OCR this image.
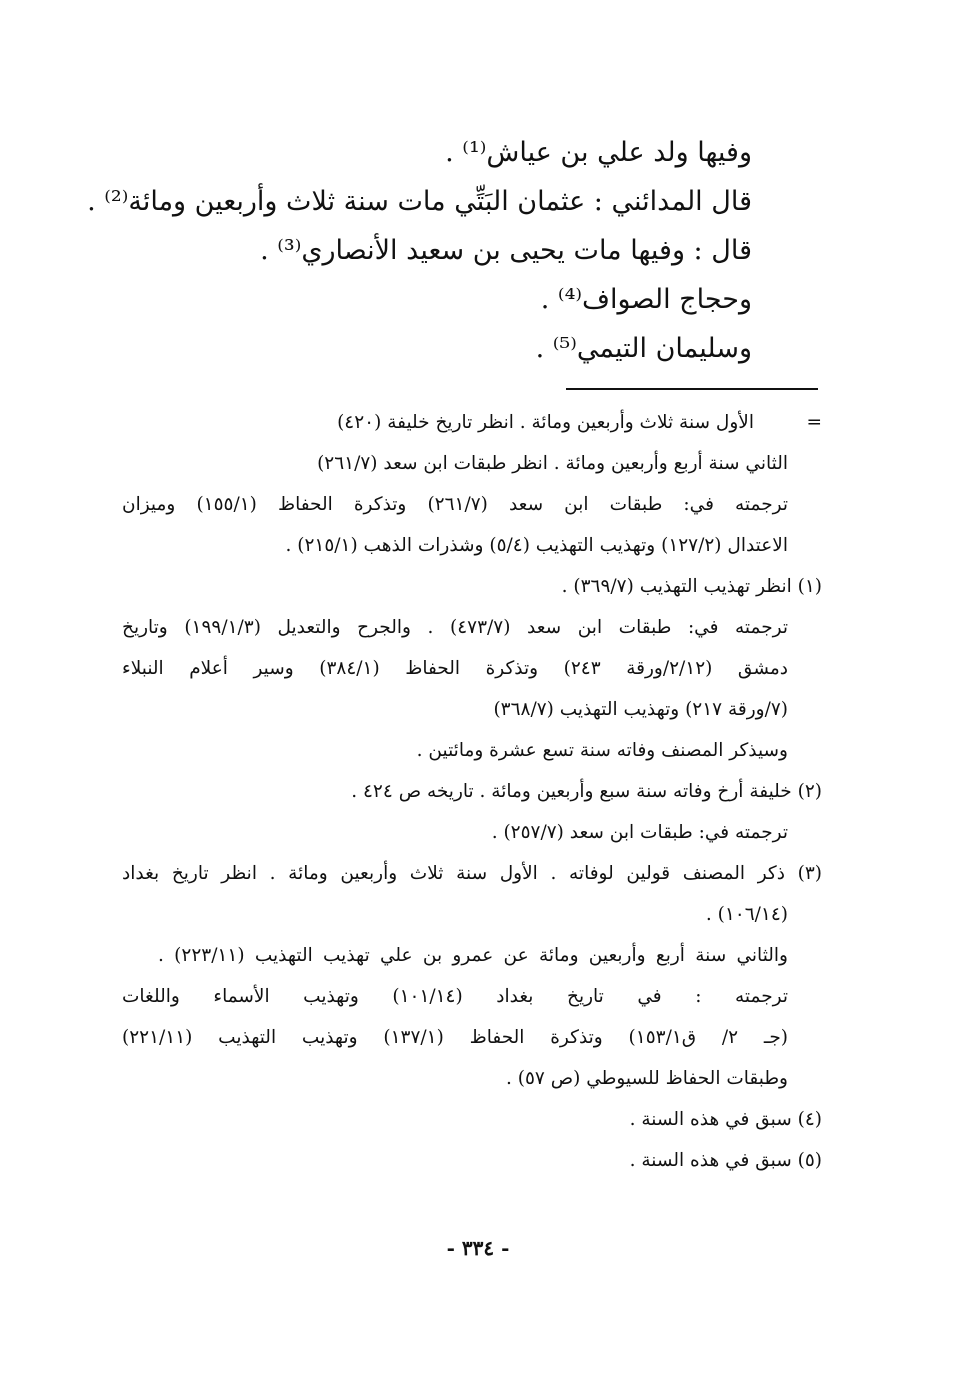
وفيها ولد علي بن عياش⁽¹⁾ .
قال المدائني : عثمان البَتِّي مات سنة ثلاث وأربعين ومائة⁽²⁾ .
قال : وفيها مات يحيى بن سعيد الأنصاري⁽³⁾ .
وحجاج الصواف⁽⁴⁾ .
وسليمان التيمي⁽⁵⁾ .
=
الأول سنة ثلاث وأربعين ومائة . انظر تاريخ خليفة (٤٢٠)
الثاني سنة أربع وأربعين ومائة . انظر طبقات ابن سعد (٢٦١/٧)
ترجمته في: طبقات ابن سعد (٢٦١/٧) وتذكرة الحفاظ (١٥٥/١) وميزان
الاعتدال (١٢٧/٢) وتهذيب التهذيب (٥/٤) وشذرات الذهب (٢١٥/١) .
(١) انظر تهذيب التهذيب (٣٦٩/٧) .
ترجمته في: طبقات ابن سعد (٤٧٣/٧) . والجرح والتعديل (١٩٩/١/٣) وتاريخ
دمشق (٢/١٢/ورقة ٢٤٣) وتذكرة الحفاظ (٣٨٤/١) وسير أعلام النبلاء
(٧/ورقة ٢١٧) وتهذيب التهذيب (٣٦٨/٧)
وسيذكر المصنف وفاته سنة تسع عشرة ومائتين .
(٢) خليفة أرخ وفاته سنة سبع وأربعين ومائة . تاريخه ص ٤٢٤ .
ترجمته في: طبقات ابن سعد (٢٥٧/٧) .
(٣) ذكر المصنف قولين لوفاته . الأول سنة ثلاث وأربعين ومائة . انظر تاريخ بغداد
(١٠٦/١٤) .
والثاني سنة أربع وأربعين ومائة عن عمرو بن علي تهذيب التهذيب (٢٢٣/١١) .
ترجمته : في تاريخ بغداد (١٠١/١٤) وتهذيب الأسماء واللغات
(جـ ٢/ ق١٥٣/١) وتذكرة الحفاظ (١٣٧/١) وتهذيب التهذيب (٢٢١/١١)
وطبقات الحفاظ للسيوطي (ص ٥٧) .
(٤) سبق في هذه السنة .
(٥) سبق في هذه السنة .
- ٣٣٤ -
